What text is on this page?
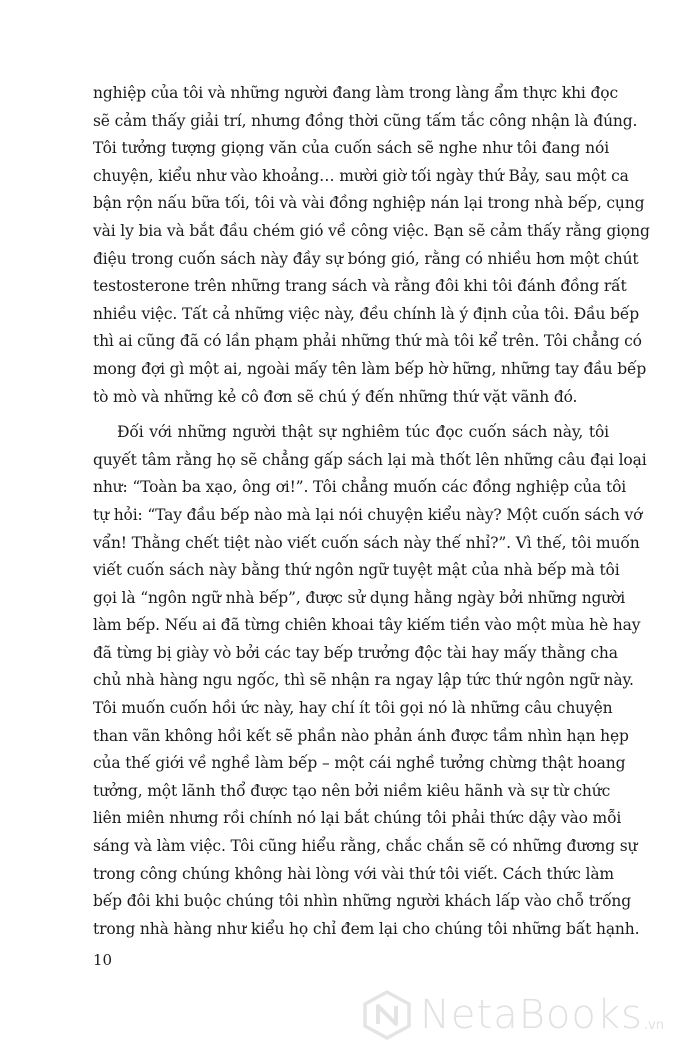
nghiệp của tôi và những người đang làm trong làng ẩm thực khi đọc
sẽ cảm thấy giải trí, nhưng đồng thời cũng tấm tắc công nhận là đúng.
Tôi tưởng tượng giọng văn của cuốn sách sẽ nghe như tôi đang nói
chuyện, kiểu như vào khoảng… mười giờ tối ngày thứ Bảy, sau một ca
bận rộn nấu bữa tối, tôi và vài đồng nghiệp nán lại trong nhà bếp, cụng
vài ly bia và bắt đầu chém gió về công việc. Bạn sẽ cảm thấy rằng giọng
điệu trong cuốn sách này đầy sự bóng gió, rằng có nhiều hơn một chút
testosterone trên những trang sách và rằng đôi khi tôi đánh đồng rất
nhiều việc. Tất cả những việc này, đều chính là ý định của tôi. Đầu bếp
thì ai cũng đã có lần phạm phải những thứ mà tôi kể trên. Tôi chẳng có
mong đợi gì một ai, ngoài mấy tên làm bếp hờ hững, những tay đầu bếp
tò mò và những kẻ cô đơn sẽ chú ý đến những thứ vặt vãnh đó.
Đối với những người thật sự nghiêm túc đọc cuốn sách này, tôi
quyết tâm rằng họ sẽ chẳng gấp sách lại mà thốt lên những câu đại loại
như: “Toàn ba xạo, ông ơi!”. Tôi chẳng muốn các đồng nghiệp của tôi
tự hỏi: “Tay đầu bếp nào mà lại nói chuyện kiểu này? Một cuốn sách vớ
vẩn! Thằng chết tiệt nào viết cuốn sách này thế nhỉ?”. Vì thế, tôi muốn
viết cuốn sách này bằng thứ ngôn ngữ tuyệt mật của nhà bếp mà tôi
gọi là “ngôn ngữ nhà bếp”, được sử dụng hằng ngày bởi những người
làm bếp. Nếu ai đã từng chiên khoai tây kiếm tiền vào một mùa hè hay
đã từng bị giày vò bởi các tay bếp trưởng độc tài hay mấy thằng cha
chủ nhà hàng ngu ngốc, thì sẽ nhận ra ngay lập tức thứ ngôn ngữ này.
Tôi muốn cuốn hồi ức này, hay chí ít tôi gọi nó là những câu chuyện
than vãn không hồi kết sẽ phần nào phản ánh được tầm nhìn hạn hẹp
của thế giới về nghề làm bếp – một cái nghề tưởng chừng thật hoang
tưởng, một lãnh thổ được tạo nên bởi niềm kiêu hãnh và sự từ chức
liên miên nhưng rồi chính nó lại bắt chúng tôi phải thức dậy vào mỗi
sáng và làm việc. Tôi cũng hiểu rằng, chắc chắn sẽ có những đương sự
trong công chúng không hài lòng với vài thứ tôi viết. Cách thức làm
bếp đôi khi buộc chúng tôi nhìn những người khách lấp vào chỗ trống
trong nhà hàng như kiểu họ chỉ đem lại cho chúng tôi những bất hạnh.
10
NetaBooks .vn
